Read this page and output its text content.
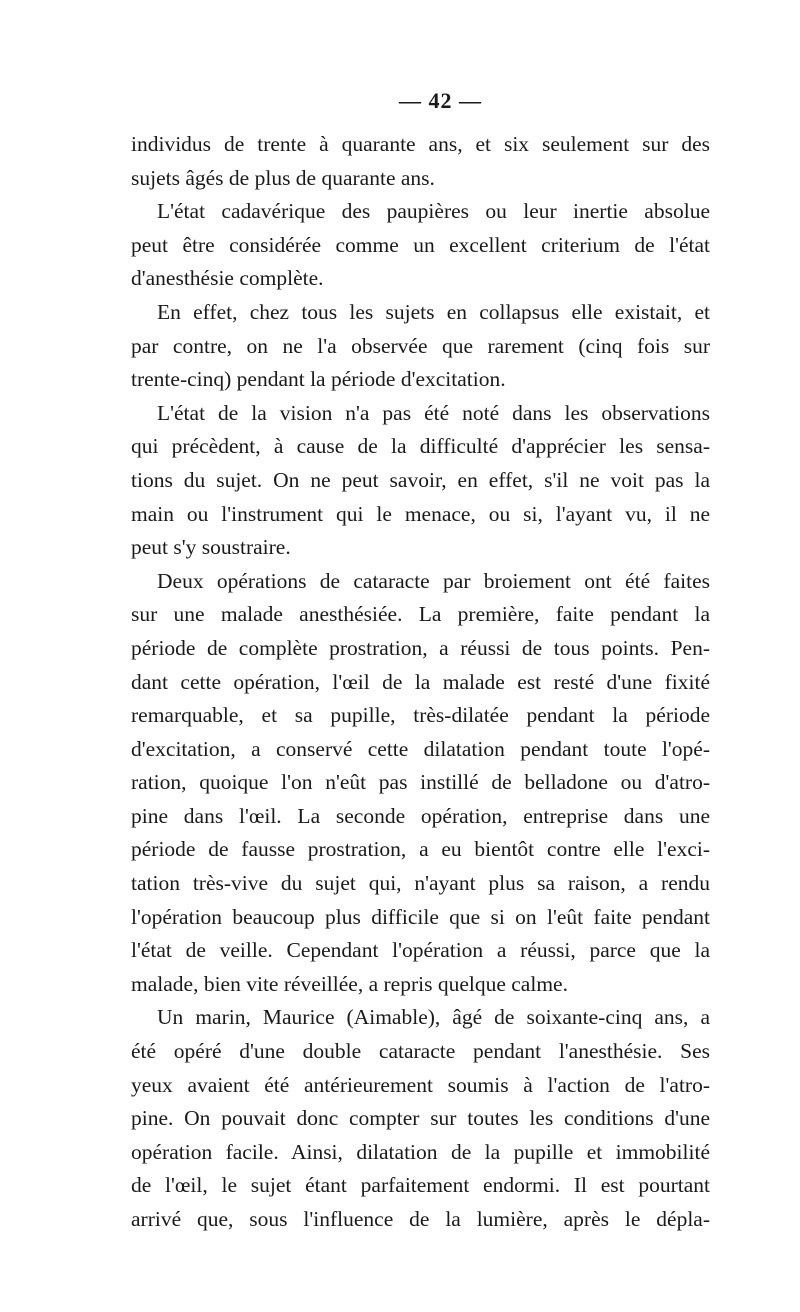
— 42 —
individus de trente à quarante ans, et six seulement sur des
sujets âgés de plus de quarante ans.
L'état cadavérique des paupières ou leur inertie absolue
peut être considérée comme un excellent criterium de l'état
d'anesthésie complète.
En effet, chez tous les sujets en collapsus elle existait, et
par contre, on ne l'a observée que rarement (cinq fois sur
trente-cinq) pendant la période d'excitation.
L'état de la vision n'a pas été noté dans les observations
qui précèdent, à cause de la difficulté d'apprécier les sensa-
tions du sujet. On ne peut savoir, en effet, s'il ne voit pas la
main ou l'instrument qui le menace, ou si, l'ayant vu, il ne
peut s'y soustraire.
Deux opérations de cataracte par broiement ont été faites
sur une malade anesthésiée. La première, faite pendant la
période de complète prostration, a réussi de tous points. Pen-
dant cette opération, l'œil de la malade est resté d'une fixité
remarquable, et sa pupille, très-dilatée pendant la période
d'excitation, a conservé cette dilatation pendant toute l'opé-
ration, quoique l'on n'eût pas instillé de belladone ou d'atro-
pine dans l'œil. La seconde opération, entreprise dans une
période de fausse prostration, a eu bientôt contre elle l'exci-
tation très-vive du sujet qui, n'ayant plus sa raison, a rendu
l'opération beaucoup plus difficile que si on l'eût faite pendant
l'état de veille. Cependant l'opération a réussi, parce que la
malade, bien vite réveillée, a repris quelque calme.
Un marin, Maurice (Aimable), âgé de soixante-cinq ans, a
été opéré d'une double cataracte pendant l'anesthésie. Ses
yeux avaient été antérieurement soumis à l'action de l'atro-
pine. On pouvait donc compter sur toutes les conditions d'une
opération facile. Ainsi, dilatation de la pupille et immobilité
de l'œil, le sujet étant parfaitement endormi. Il est pourtant
arrivé que, sous l'influence de la lumière, après le dépla-
